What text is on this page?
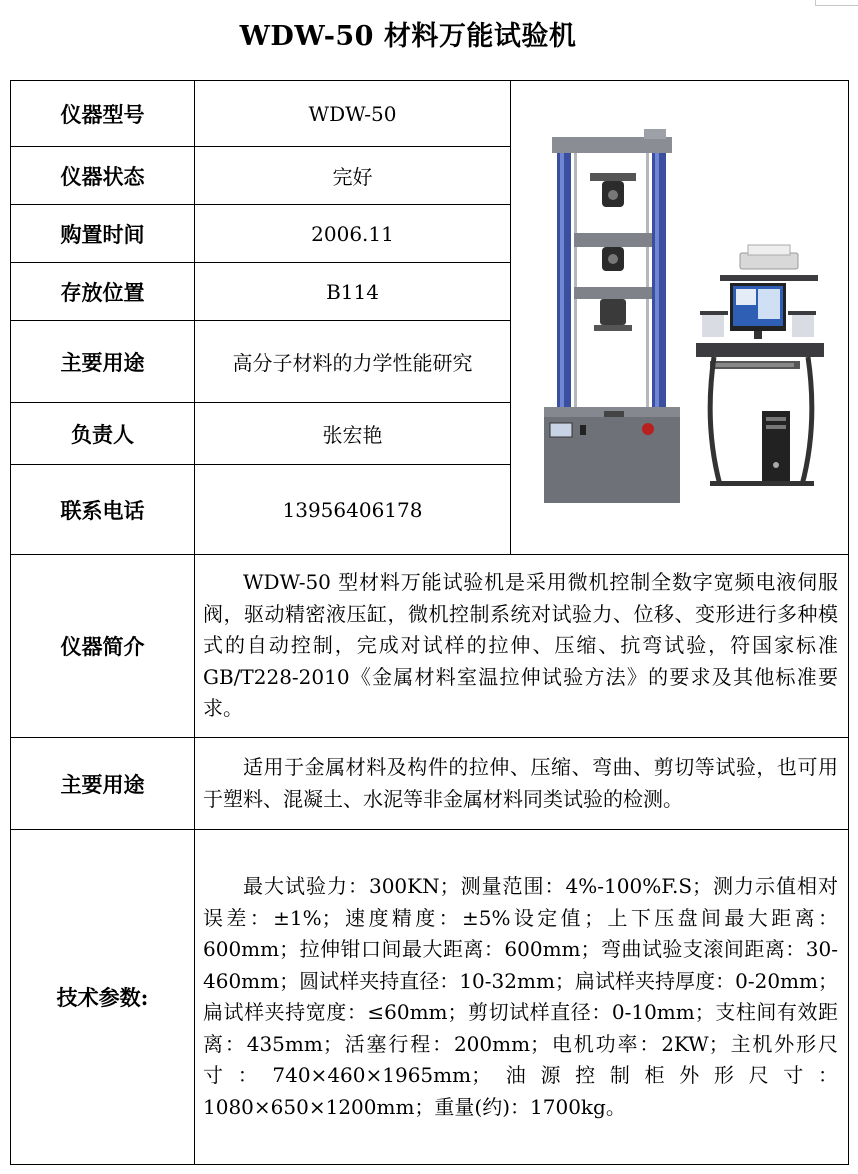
WDW-50 材料万能试验机
仪器型号	WDW-50	

仪器状态	完好	
购置时间	2006.11	
存放位置	B114	
主要用途	高分子材料的力学性能研究	
负责人	张宏艳	
联系电话	13956406178	
仪器简介	WDW-50 型材料万能试验机是采用微机控制全数字宽频电液伺服阀，驱动精密液压缸，微机控制系统对试验力、位移、变形进行多种模式的自动控制，完成对试样的拉伸、压缩、抗弯试验，符国家标准 GB/T228-2010《金属材料室温拉伸试验方法》的要求及其他标准要求。	
主要用途	适用于金属材料及构件的拉伸、压缩、弯曲、剪切等试验，也可用于塑料、混凝土、水泥等非金属材料同类试验的检测。	
技术参数:	最大试验力：300KN；测量范围：4%-100%F.S；测力示值相对误差：±1%；速度精度：±5%设定值；上下压盘间最大距离：600mm；拉伸钳口间最大距离：600mm；弯曲试验支滚间距离：30-460mm；圆试样夹持直径：10-32mm；扁试样夹持厚度：0-20mm；扁试样夹持宽度：≤60mm；剪切试样直径：0-10mm；支柱间有效距离：435mm；活塞行程：200mm；电机功率：2KW；主机外形尺寸：740×460×1965mm；油源控制柜外形尺寸：1080×650×1200mm；重量(约)：1700kg。	
